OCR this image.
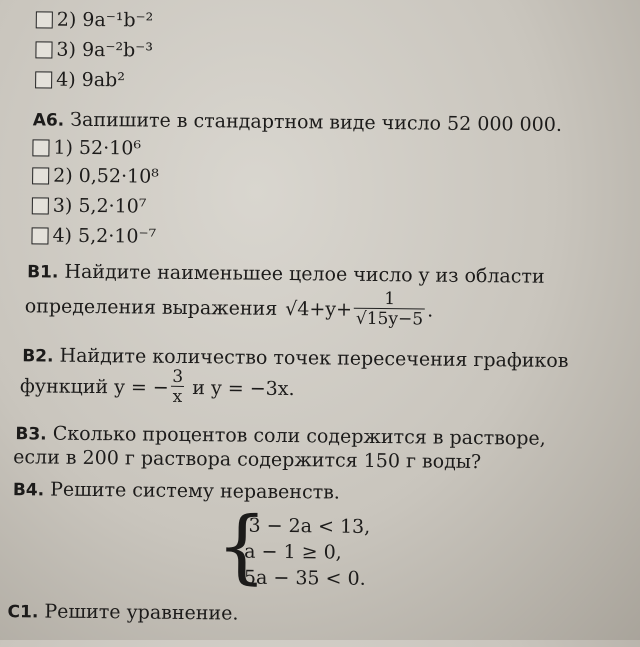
2) 9a⁻¹b⁻²
3) 9a⁻²b⁻³
4) 9ab²
А6. Запишите в стандартном виде число 52 000 000.
1) 52·10⁶
2) 0,52·10⁸
3) 5,2·10⁷
4) 5,2·10⁻⁷
В1. Найдите наименьшее целое число y из области
определения выражения $√4+y+ \frac{1}{√15y-5}$ .
В2. Найдите количество точек пересечения графиков
функций y = − $\frac{3}{x}$ и y = −3x.
В3. Сколько процентов соли содержится в растворе,
если в 200 г раствора содержится 150 г воды?
В4. Решите систему неравенств.
{
3 − 2a < 13,
a − 1 ≥ 0,
5a − 35 < 0.
С1. Решите уравнение.
